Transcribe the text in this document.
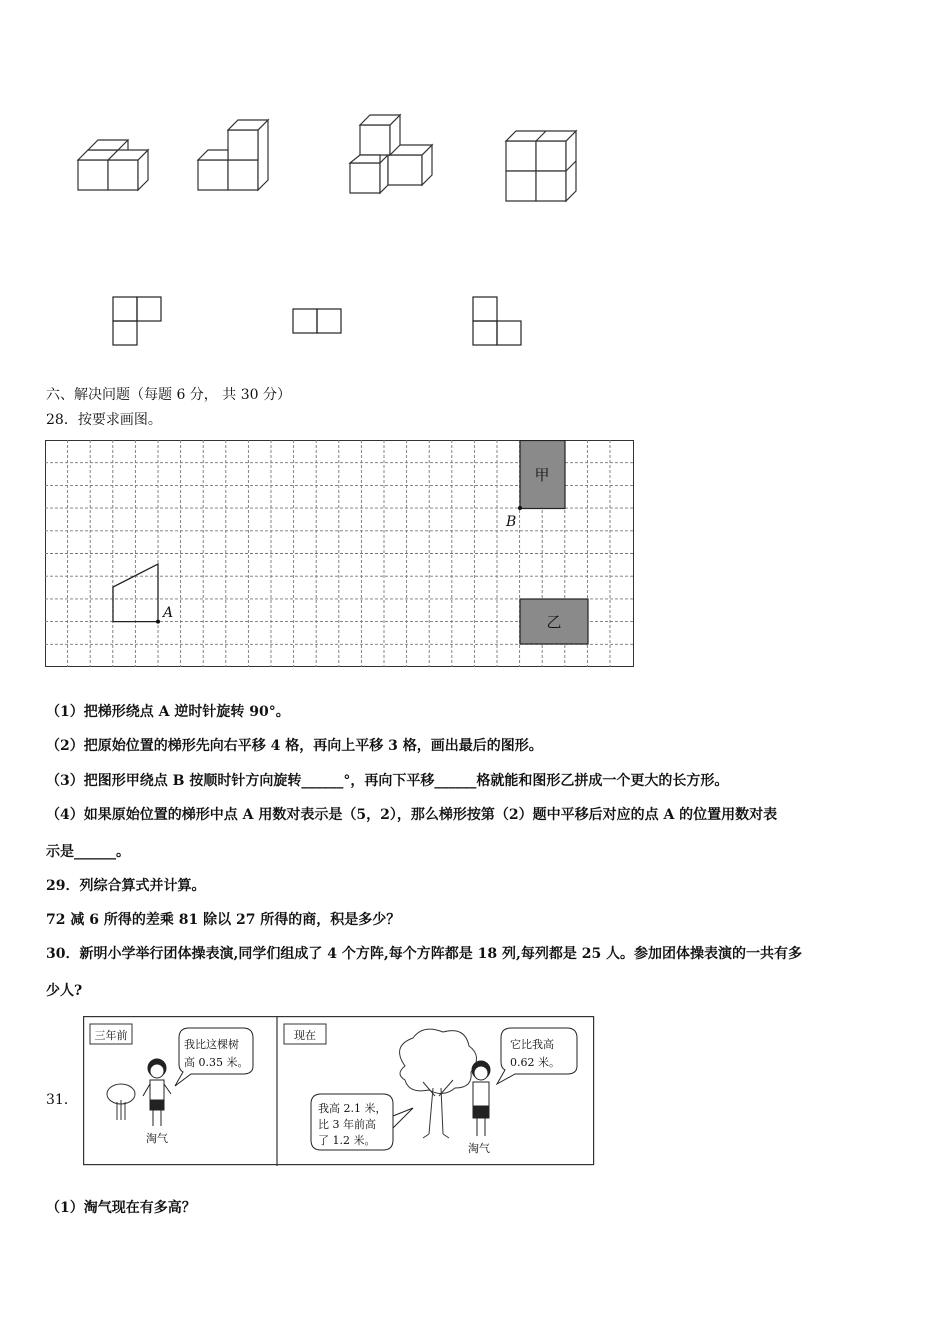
六、解决问题（每题 6 分， 共 30 分）
28．按要求画图。
甲
B
乙
A
（1）把梯形绕点 A 逆时针旋转 90°。
（2）把原始位置的梯形先向右平移 4 格，再向上平移 3 格，画出最后的图形。
（3）把图形甲绕点 B 按顺时针方向旋转______°，再向下平移______格就能和图形乙拼成一个更大的长方形。
（4）如果原始位置的梯形中点 A 用数对表示是（5，2），那么梯形按第（2）题中平移后对应的点 A 的位置用数对表
示是______。
29．列综合算式并计算。
72 减 6 所得的差乘 81 除以 27 所得的商，积是多少？
30．新明小学举行团体操表演,同学们组成了 4 个方阵,每个方阵都是 18 列,每列都是 25 人。参加团体操表演的一共有多
少人?
31．
三年前
淘气
我比这棵树
高 0.35 米。
现在
淘气
它比我高
0.62 米。
我高 2.1 米，
比 3 年前高
了 1.2 米。
（1）淘气现在有多高？
